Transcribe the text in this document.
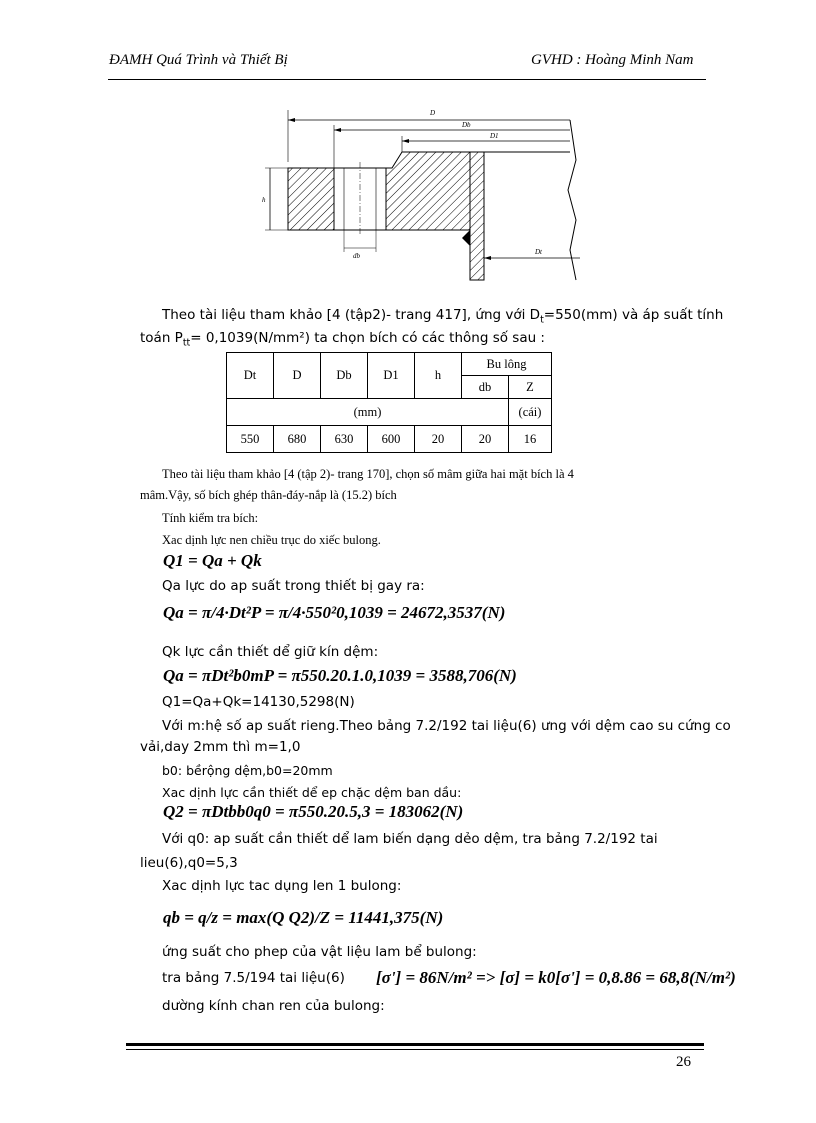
ĐAMH Quá Trình và Thiết Bị	GVHD : Hoàng Minh Nam
D
Db
D1
h
db	Dt
Theo tài liệu tham khảo [4 (tập2)- trang 417], ứng với $D_t=550(mm)$ và áp suất tính
toán $P_{tt}= 0,1039(N/mm^2)$ ta chọn bích có các thông số sau :
Dt	D	Db	D1	h	Bu lông	
					db	Z
(mm)						(cái)
550	680	630	600	20	20	16
Theo tài liệu tham khảo [4 (tập 2)- trang 170], chọn số mâm giữa hai mặt bích là 4
mâm.Vậy, số bích ghép thân-đáy-nắp là (15.2) bích
Tính kiểm tra bích:
Xac dịnh lực nen chiều trục do xiếc bulong.
Q1 = Qa + Qk
Qa lực do ap suất trong thiết bị gay ra:
Qa = π/4·Dt²P = π/4·550²0,1039 = 24672,3537(N)
Qk lực cần thiết dể giữ kín dệm:
Qa = πDt²b0mP = π550.20.1.0,1039 = 3588,706(N)
Q1=Qa+Qk=14130,5298(N)
Với m:hệ số ap suất rieng.Theo bảng 7.2/192 tai liệu(6) ưng với dệm cao su cứng co
vải,day 2mm thì m=1,0
b0: bềrộng dệm,b0=20mm
Xac dịnh lực cần thiết dể ep chặc dệm ban dầu:
Q2 = πDtbb0q0 = π550.20.5,3 = 183062(N)
Với q0: ap suất cần thiết dể lam biến dạng dẻo dệm, tra bảng 7.2/192 tai
lieu(6),q0=5,3
Xac dịnh lực tac dụng len 1 bulong:
qb = q/z = max(Q Q2)/Z = 11441,375(N)
ứng suất cho phep của vật liệu lam bể bulong:
tra bảng 7.5/194 tai liệu(6) [σ'] = 86N/m² => [σ] = k0[σ'] = 0,8.86 = 68,8(N/m²)
dường kính chan ren của bulong:
26
